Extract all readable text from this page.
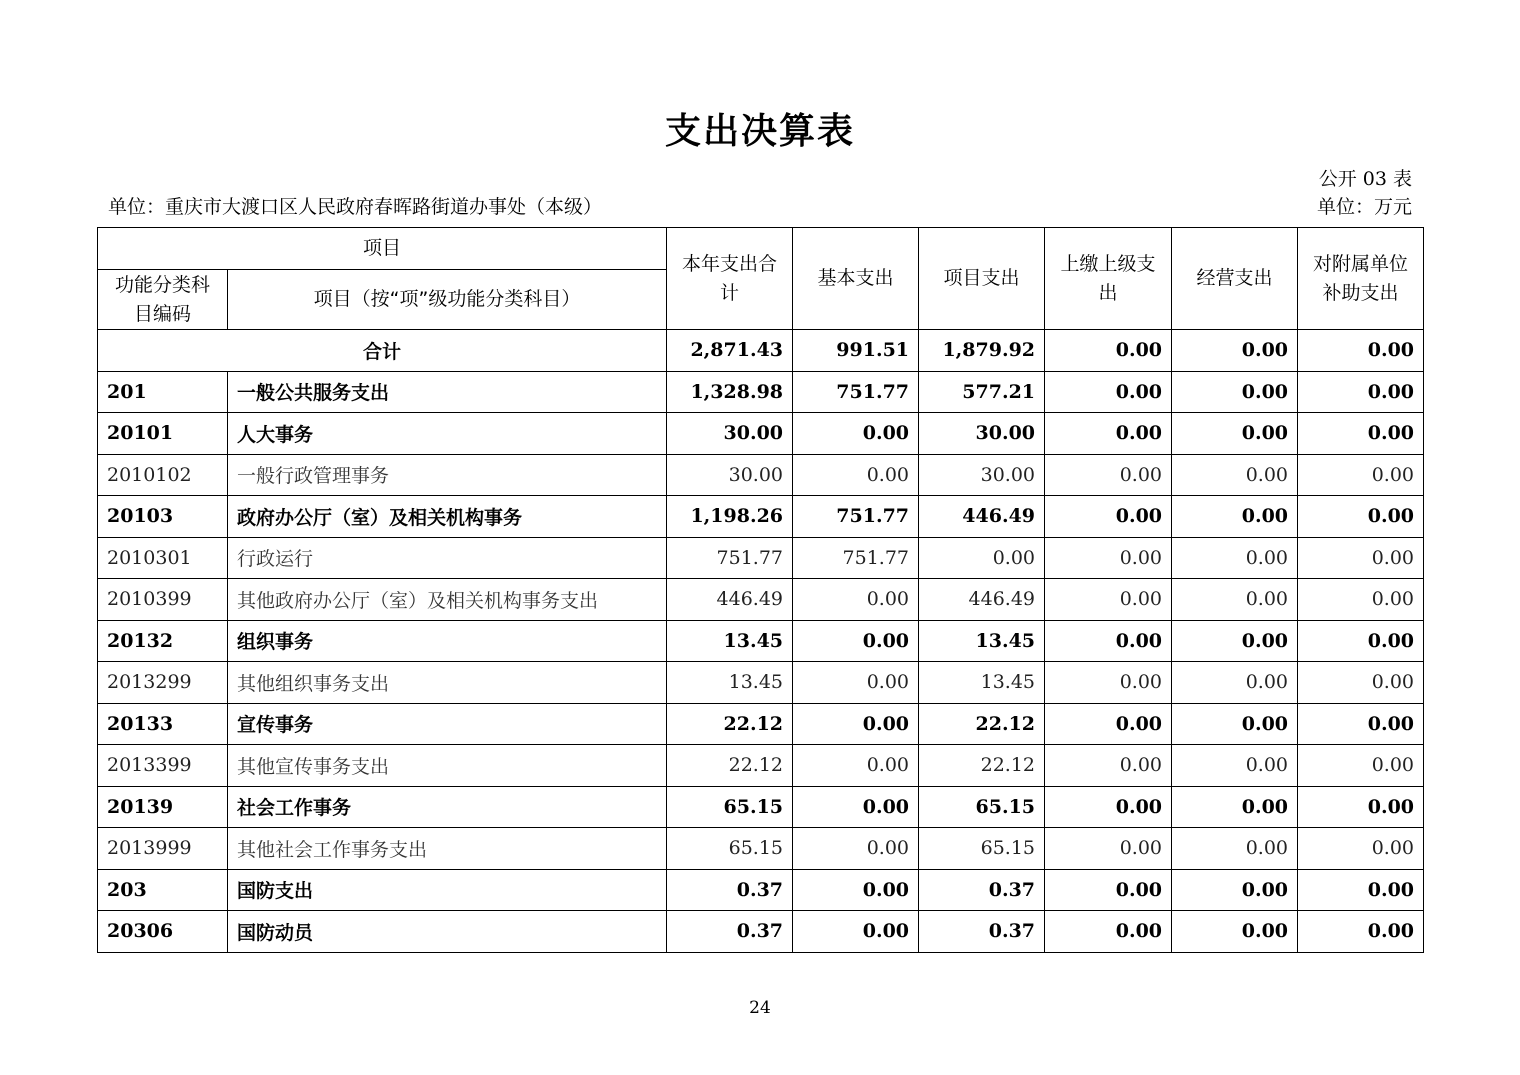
支出决算表
公开 03 表
单位：重庆市大渡口区人民政府春晖路街道办事处（本级）	单位：万元
项目		本年支出合计	基本支出	项目支出	上缴上级支出	经营支出	对附属单位补助支出
功能分类科目编码	项目（按“项”级功能分类科目）						
合计		2,871.43	991.51	1,879.92	0.00	0.00	0.00
201	一般公共服务支出	1,328.98	751.77	577.21	0.00	0.00	0.00
20101	人大事务	30.00	0.00	30.00	0.00	0.00	0.00
2010102	一般行政管理事务	30.00	0.00	30.00	0.00	0.00	0.00
20103	政府办公厅（室）及相关机构事务	1,198.26	751.77	446.49	0.00	0.00	0.00
2010301	行政运行	751.77	751.77	0.00	0.00	0.00	0.00
2010399	其他政府办公厅（室）及相关机构事务支出	446.49	0.00	446.49	0.00	0.00	0.00
20132	组织事务	13.45	0.00	13.45	0.00	0.00	0.00
2013299	其他组织事务支出	13.45	0.00	13.45	0.00	0.00	0.00
20133	宣传事务	22.12	0.00	22.12	0.00	0.00	0.00
2013399	其他宣传事务支出	22.12	0.00	22.12	0.00	0.00	0.00
20139	社会工作事务	65.15	0.00	65.15	0.00	0.00	0.00
2013999	其他社会工作事务支出	65.15	0.00	65.15	0.00	0.00	0.00
203	国防支出	0.37	0.00	0.37	0.00	0.00	0.00
20306	国防动员	0.37	0.00	0.37	0.00	0.00	0.00
24
